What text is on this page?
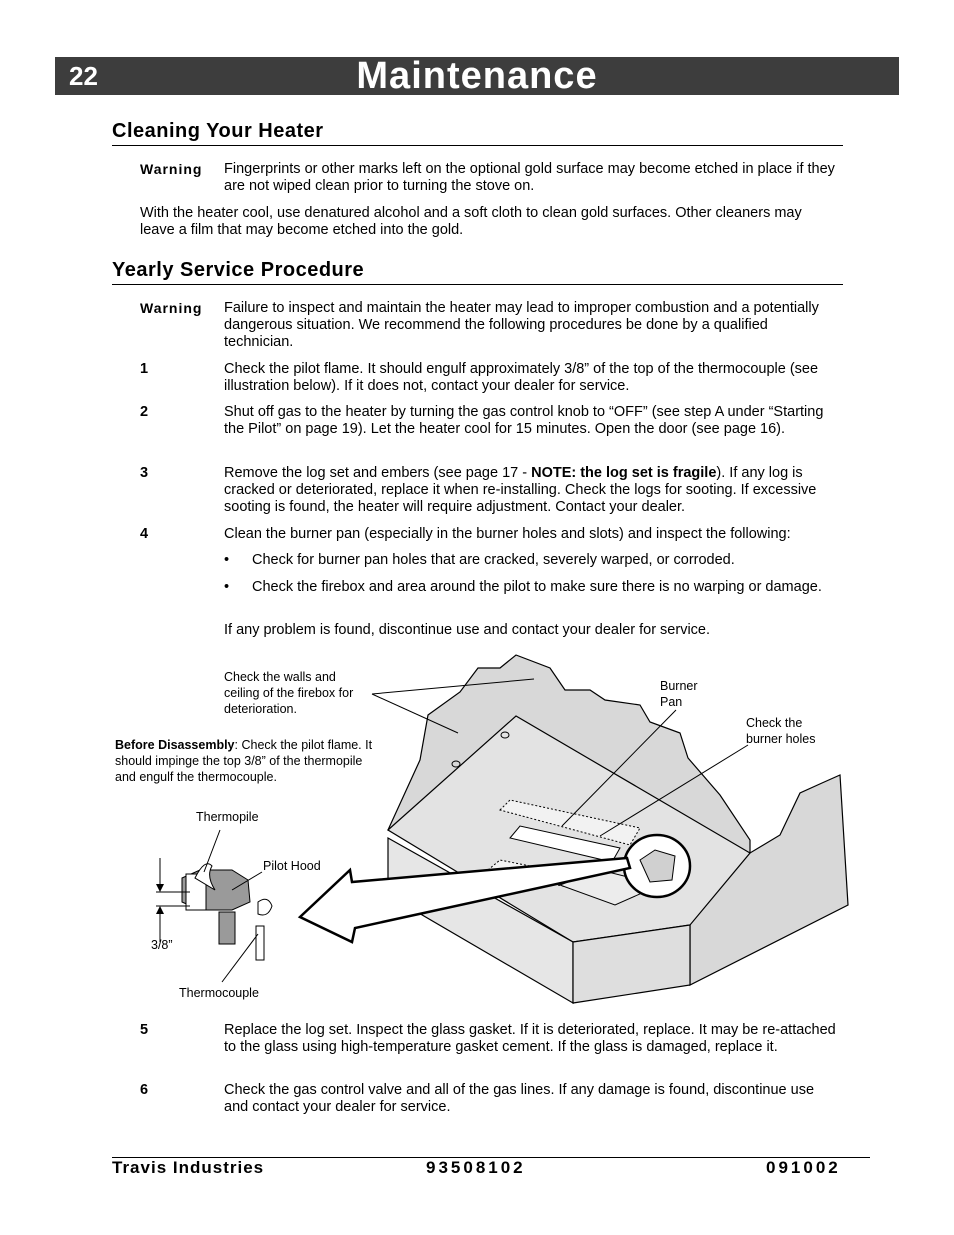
22	Maintenance
Cleaning Your Heater
Warning Fingerprints or other marks left on the optional gold surface may become etched in place if they are not wiped clean prior to turning the stove on.
With the heater cool, use denatured alcohol and a soft cloth to clean gold surfaces. Other cleaners may leave a film that may become etched into the gold.
Yearly Service Procedure
Warning Failure to inspect and maintain the heater may lead to improper combustion and a potentially dangerous situation. We recommend the following procedures be done by a qualified technician.
1	Check the pilot flame. It should engulf approximately 3/8” of the top of the thermocouple (see illustration below). If it does not, contact your dealer for service.
2	Shut off gas to the heater by turning the gas control knob to “OFF” (see step A under “Starting the Pilot” on page 19). Let the heater cool for 15 minutes. Open the door (see page 16).
3	Remove the log set and embers (see page 17 - NOTE: the log set is fragile). If any log is cracked or deteriorated, replace it when re-installing. Check the logs for sooting. If excessive sooting is found, the heater will require adjustment. Contact your dealer.
4	Clean the burner pan (especially in the burner holes and slots) and inspect the following:
• Check for burner pan holes that are cracked, severely warped, or corroded.
• Check the firebox and area around the pilot to make sure there is no warping or damage.
If any problem is found, discontinue use and contact your dealer for service.
Check the walls and ceiling of the firebox for deterioration.
Burner Pan
Check the burner holes
Before Disassembly: Check the pilot flame. It should impinge the top 3/8” of the thermopile and engulf the thermocouple.
Thermopile
Pilot Hood
3/8”
Thermocouple
5	Replace the log set. Inspect the glass gasket. If it is deteriorated, replace. It may be re-attached to the glass using high-temperature gasket cement. If the glass is damaged, replace it.
6	Check the gas control valve and all of the gas lines. If any damage is found, discontinue use and contact your dealer for service.
Travis Industries	93508102	091002
